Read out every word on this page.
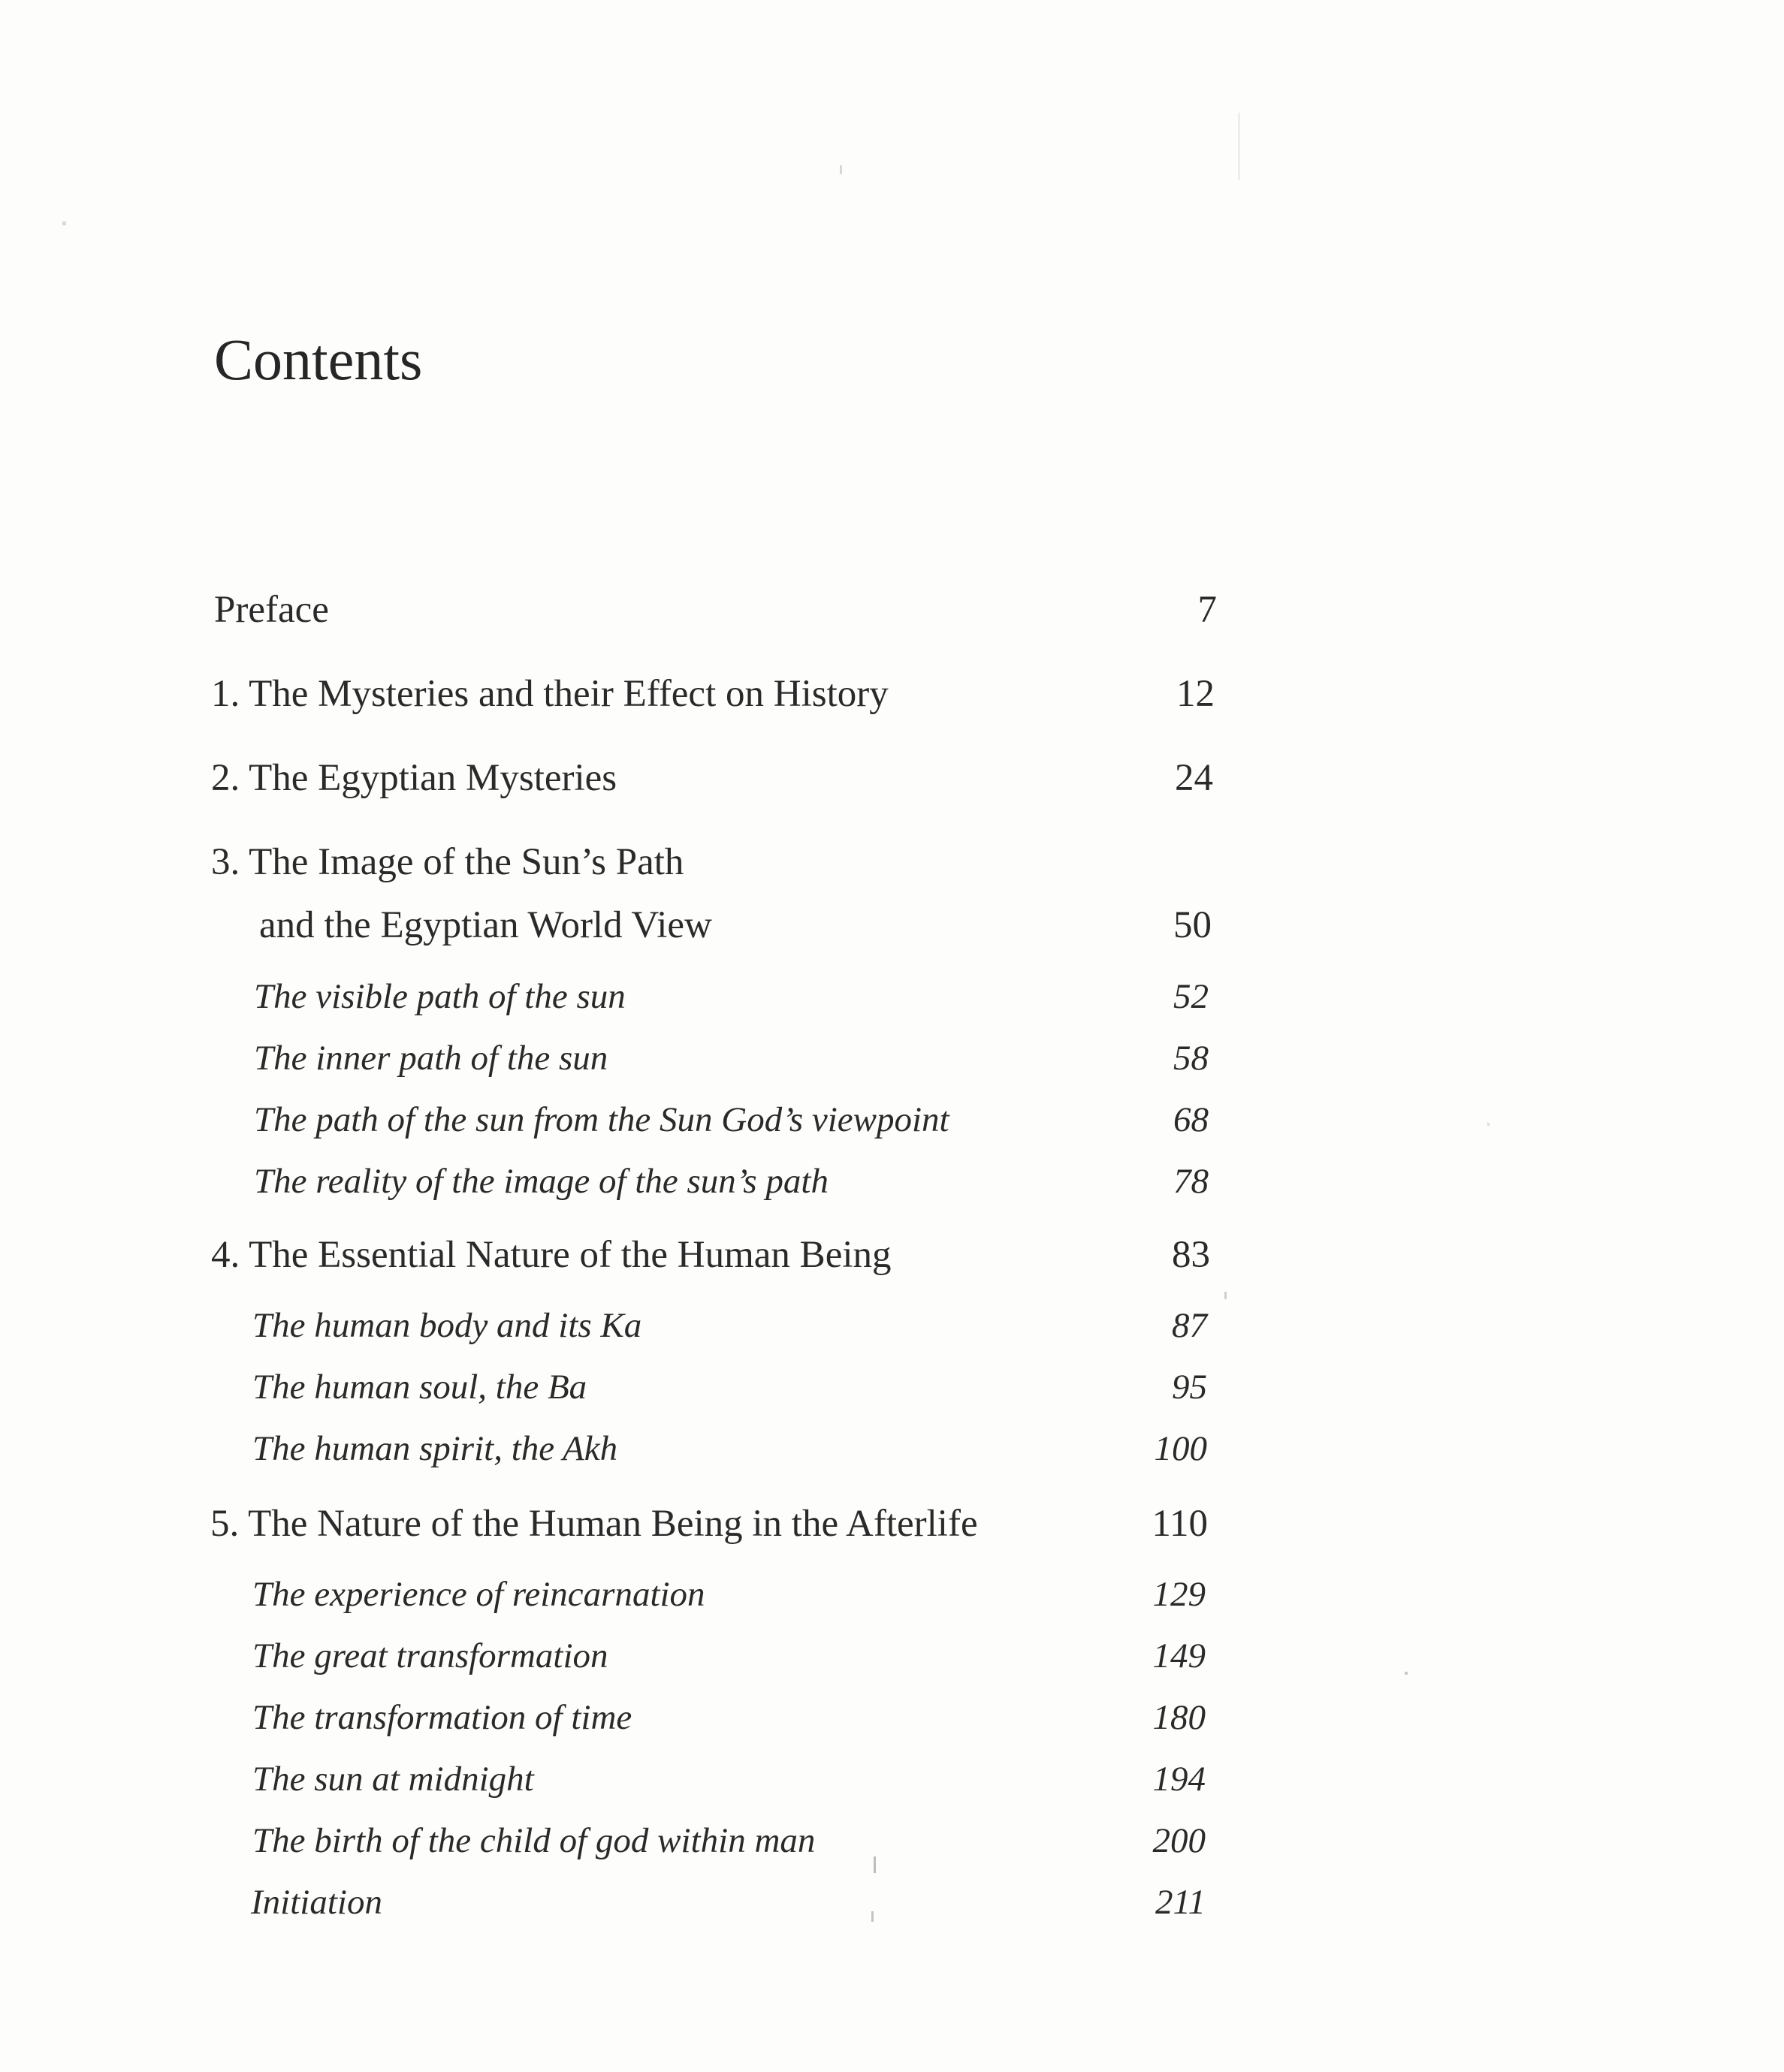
Contents
Preface	7
1. The Mysteries and their Effect on History	12
2. The Egyptian Mysteries	24
3. The Image of the Sun’s Path
and the Egyptian World View	50
The visible path of the sun	52
The inner path of the sun	58
The path of the sun from the Sun God’s viewpoint	68
The reality of the image of the sun’s path	78
4. The Essential Nature of the Human Being	83
The human body and its Ka	87
The human soul, the Ba	95
The human spirit, the Akh	100
5. The Nature of the Human Being in the Afterlife	110
The experience of reincarnation	129
The great transformation	149
The transformation of time	180
The sun at midnight	194
The birth of the child of god within man	200
Initiation	211
